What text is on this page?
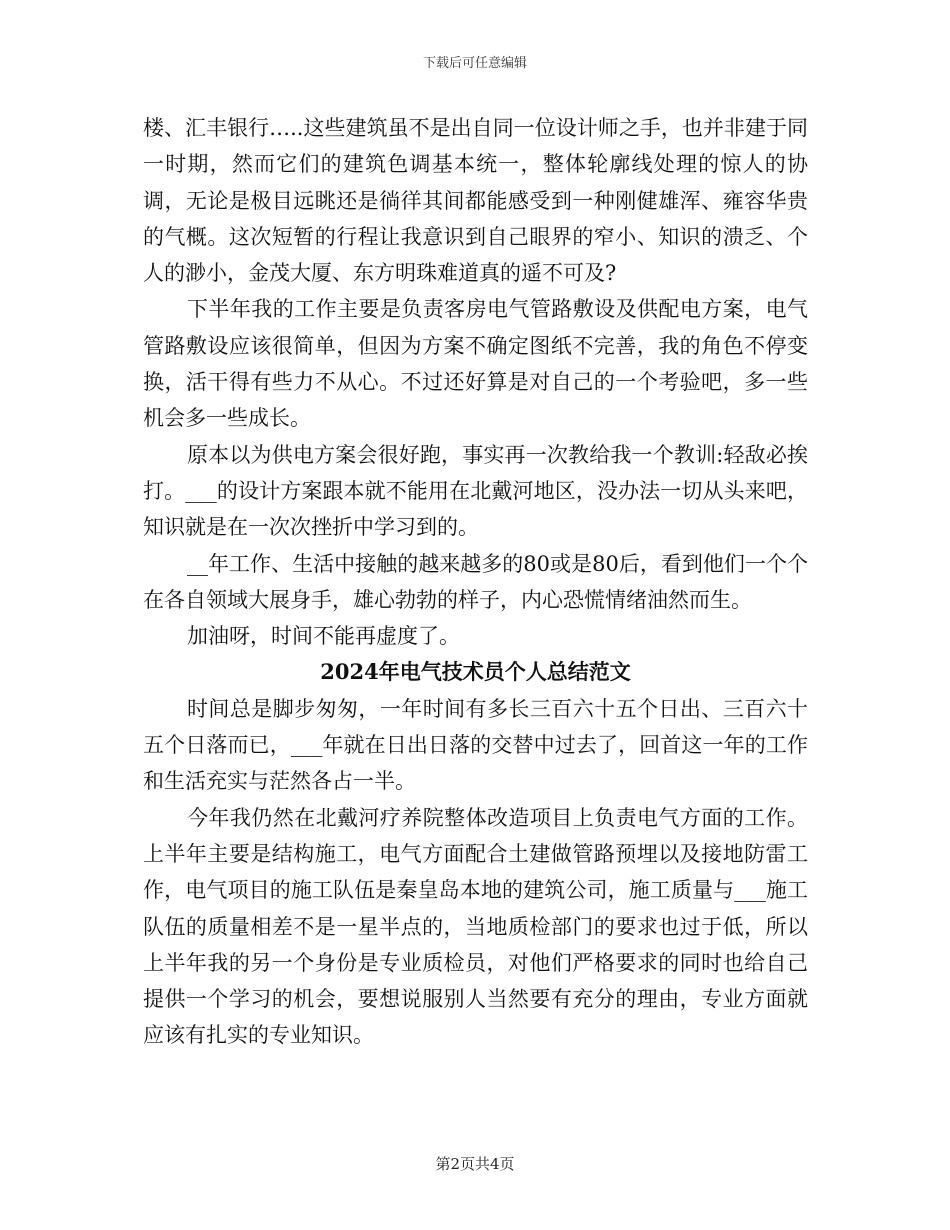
下载后可任意编辑

楼、汇丰银行…..这些建筑虽不是出自同一位设计师之手，也并非建于同一时期，然而它们的建筑色调基本统一，整体轮廓线处理的惊人的协调，无论是极目远眺还是徜徉其间都能感受到一种刚健雄浑、雍容华贵的气概。这次短暂的行程让我意识到自己眼界的窄小、知识的溃乏、个人的渺小，金茂大厦、东方明珠难道真的遥不可及?

下半年我的工作主要是负责客房电气管路敷设及供配电方案，电气管路敷设应该很简单，但因为方案不确定图纸不完善，我的角色不停变换，活干得有些力不从心。不过还好算是对自己的一个考验吧，多一些机会多一些成长。

原本以为供电方案会很好跑，事实再一次教给我一个教训:轻敌必挨打。___的设计方案跟本就不能用在北戴河地区，没办法一切从头来吧，知识就是在一次次挫折中学习到的。

__年工作、生活中接触的越来越多的80或是80后，看到他们一个个在各自领域大展身手，雄心勃勃的样子，内心恐慌情绪油然而生。

加油呀，时间不能再虚度了。

2024年电气技术员个人总结范文

时间总是脚步匆匆，一年时间有多长三百六十五个日出、三百六十五个日落而已，___年就在日出日落的交替中过去了，回首这一年的工作和生活充实与茫然各占一半。

今年我仍然在北戴河疗养院整体改造项目上负责电气方面的工作。上半年主要是结构施工，电气方面配合土建做管路预埋以及接地防雷工作，电气项目的施工队伍是秦皇岛本地的建筑公司，施工质量与___施工队伍的质量相差不是一星半点的，当地质检部门的要求也过于低，所以上半年我的另一个身份是专业质检员，对他们严格要求的同时也给自己提供一个学习的机会，要想说服别人当然要有充分的理由，专业方面就应该有扎实的专业知识。

第2页共4页
